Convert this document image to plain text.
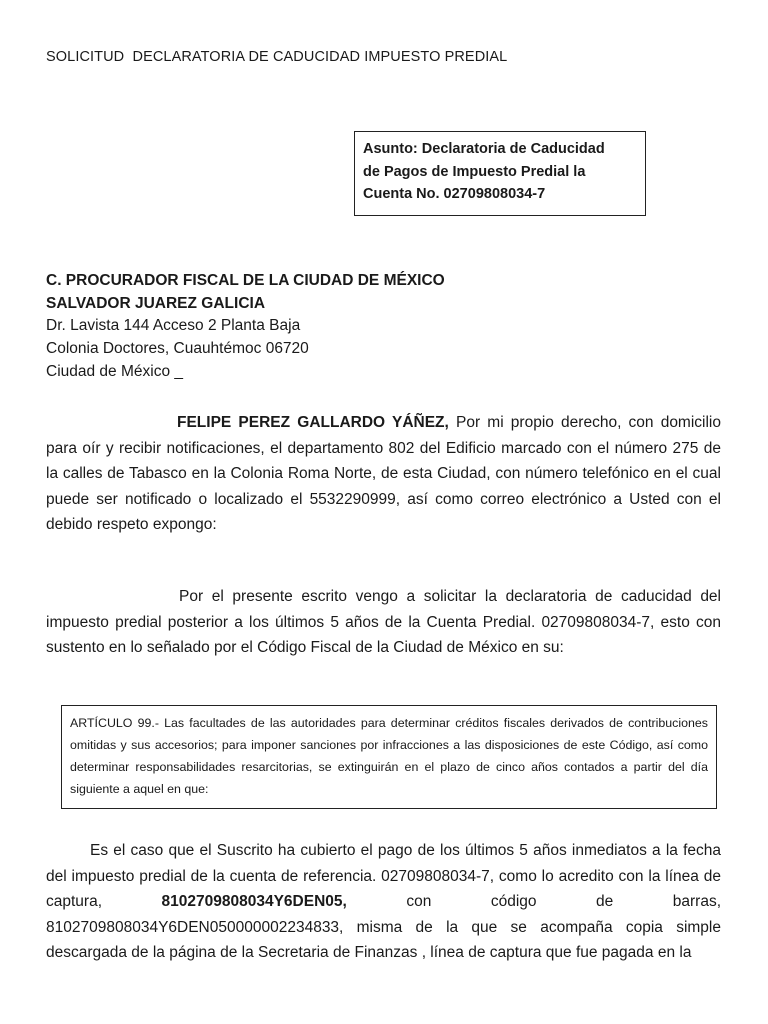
SOLICITUD  DECLARATORIA DE CADUCIDAD IMPUESTO PREDIAL
Asunto: Declaratoria de Caducidad
de Pagos de Impuesto Predial la
Cuenta No. 02709808034-7
C. PROCURADOR FISCAL DE LA CIUDAD DE MÉXICO
SALVADOR JUAREZ GALICIA
Dr. Lavista 144 Acceso 2 Planta Baja
Colonia Doctores, Cuauhtémoc 06720
Ciudad de México _
FELIPE PEREZ GALLARDO YÁÑEZ, Por mi propio derecho, con domicilio para oír y recibir notificaciones, el departamento 802 del Edificio marcado con el número 275 de la calles de Tabasco en la Colonia Roma Norte, de esta Ciudad, con número telefónico en el cual puede ser notificado o localizado el 5532290999, así como correo electrónico a Usted con el debido respeto expongo:
Por el presente escrito vengo a solicitar la declaratoria de caducidad del impuesto predial posterior a los últimos 5 años de la Cuenta Predial. 02709808034-7, esto con sustento en lo señalado por el Código Fiscal de la Ciudad de México en su:
ARTÍCULO 99.- Las facultades de las autoridades para determinar créditos fiscales derivados de contribuciones omitidas y sus accesorios; para imponer sanciones por infracciones a las disposiciones de este Código, así como determinar responsabilidades resarcitorias, se extinguirán en el plazo de cinco años contados a partir del día siguiente a aquel en que:
Es el caso que el Suscrito ha cubierto el pago de los últimos 5 años inmediatos a la fecha del impuesto predial de la cuenta de referencia. 02709808034-7, como lo acredito con la línea de captura, 8102709808034Y6DEN05, con código de barras, 8102709808034Y6DEN050000002234833, misma de la que se acompaña copia simple descargada de la página de la Secretaria de Finanzas , línea de captura que fue pagada en la
